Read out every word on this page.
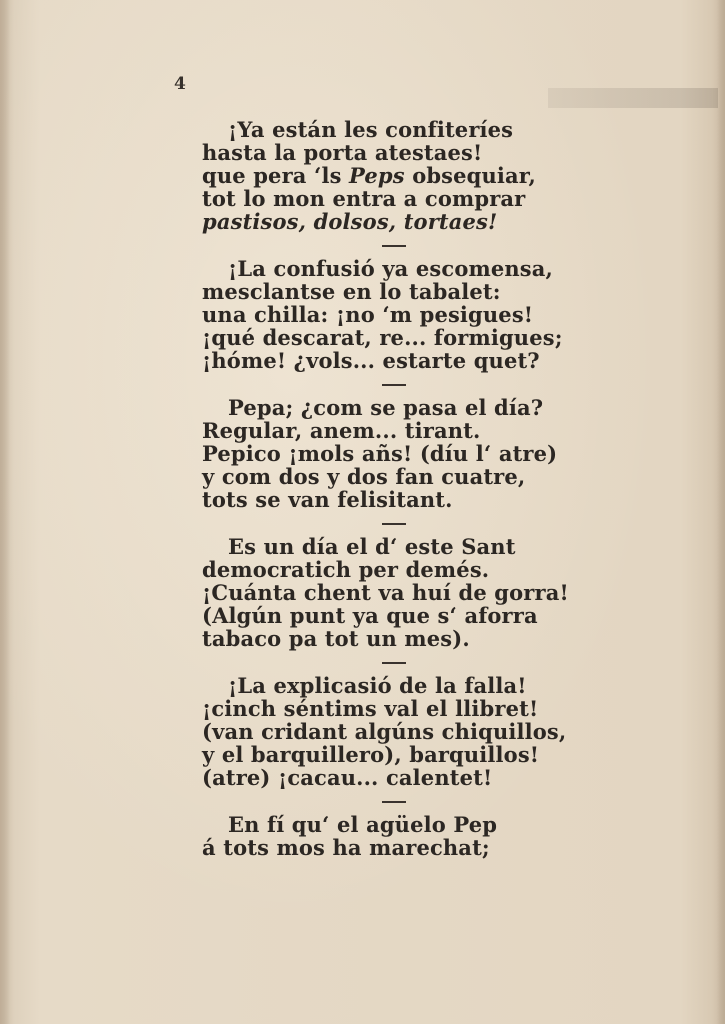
4
¡Ya están les confiteríes
hasta la porta atestaes!
que pera ‘ls Peps obsequiar,
tot lo mon entra a comprar
pastisos, dolsos, tortaes!
¡La confusió ya escomensa,
mesclantse en lo tabalet:
una chilla: ¡no ‘m pesigues!
¡qué descarat, re... formigues;
¡hóme! ¿vols... estarte quet?
Pepa; ¿com se pasa el día?
Regular, anem... tirant.
Pepico ¡mols añs! (díu l‘ atre)
y com dos y dos fan cuatre,
tots se van felisitant.
Es un día el d‘ este Sant
democratich per demés.
¡Cuánta chent va huí de gorra!
(Algún punt ya que s‘ aforra
tabaco pa tot un mes).
¡La explicasió de la falla!
¡cinch séntims val el llibret!
(van cridant algúns chiquillos,
y el barquillero), barquillos!
(atre) ¡cacau... calentet!
En fí qu‘ el agüelo Pep
á tots mos ha marechat;
